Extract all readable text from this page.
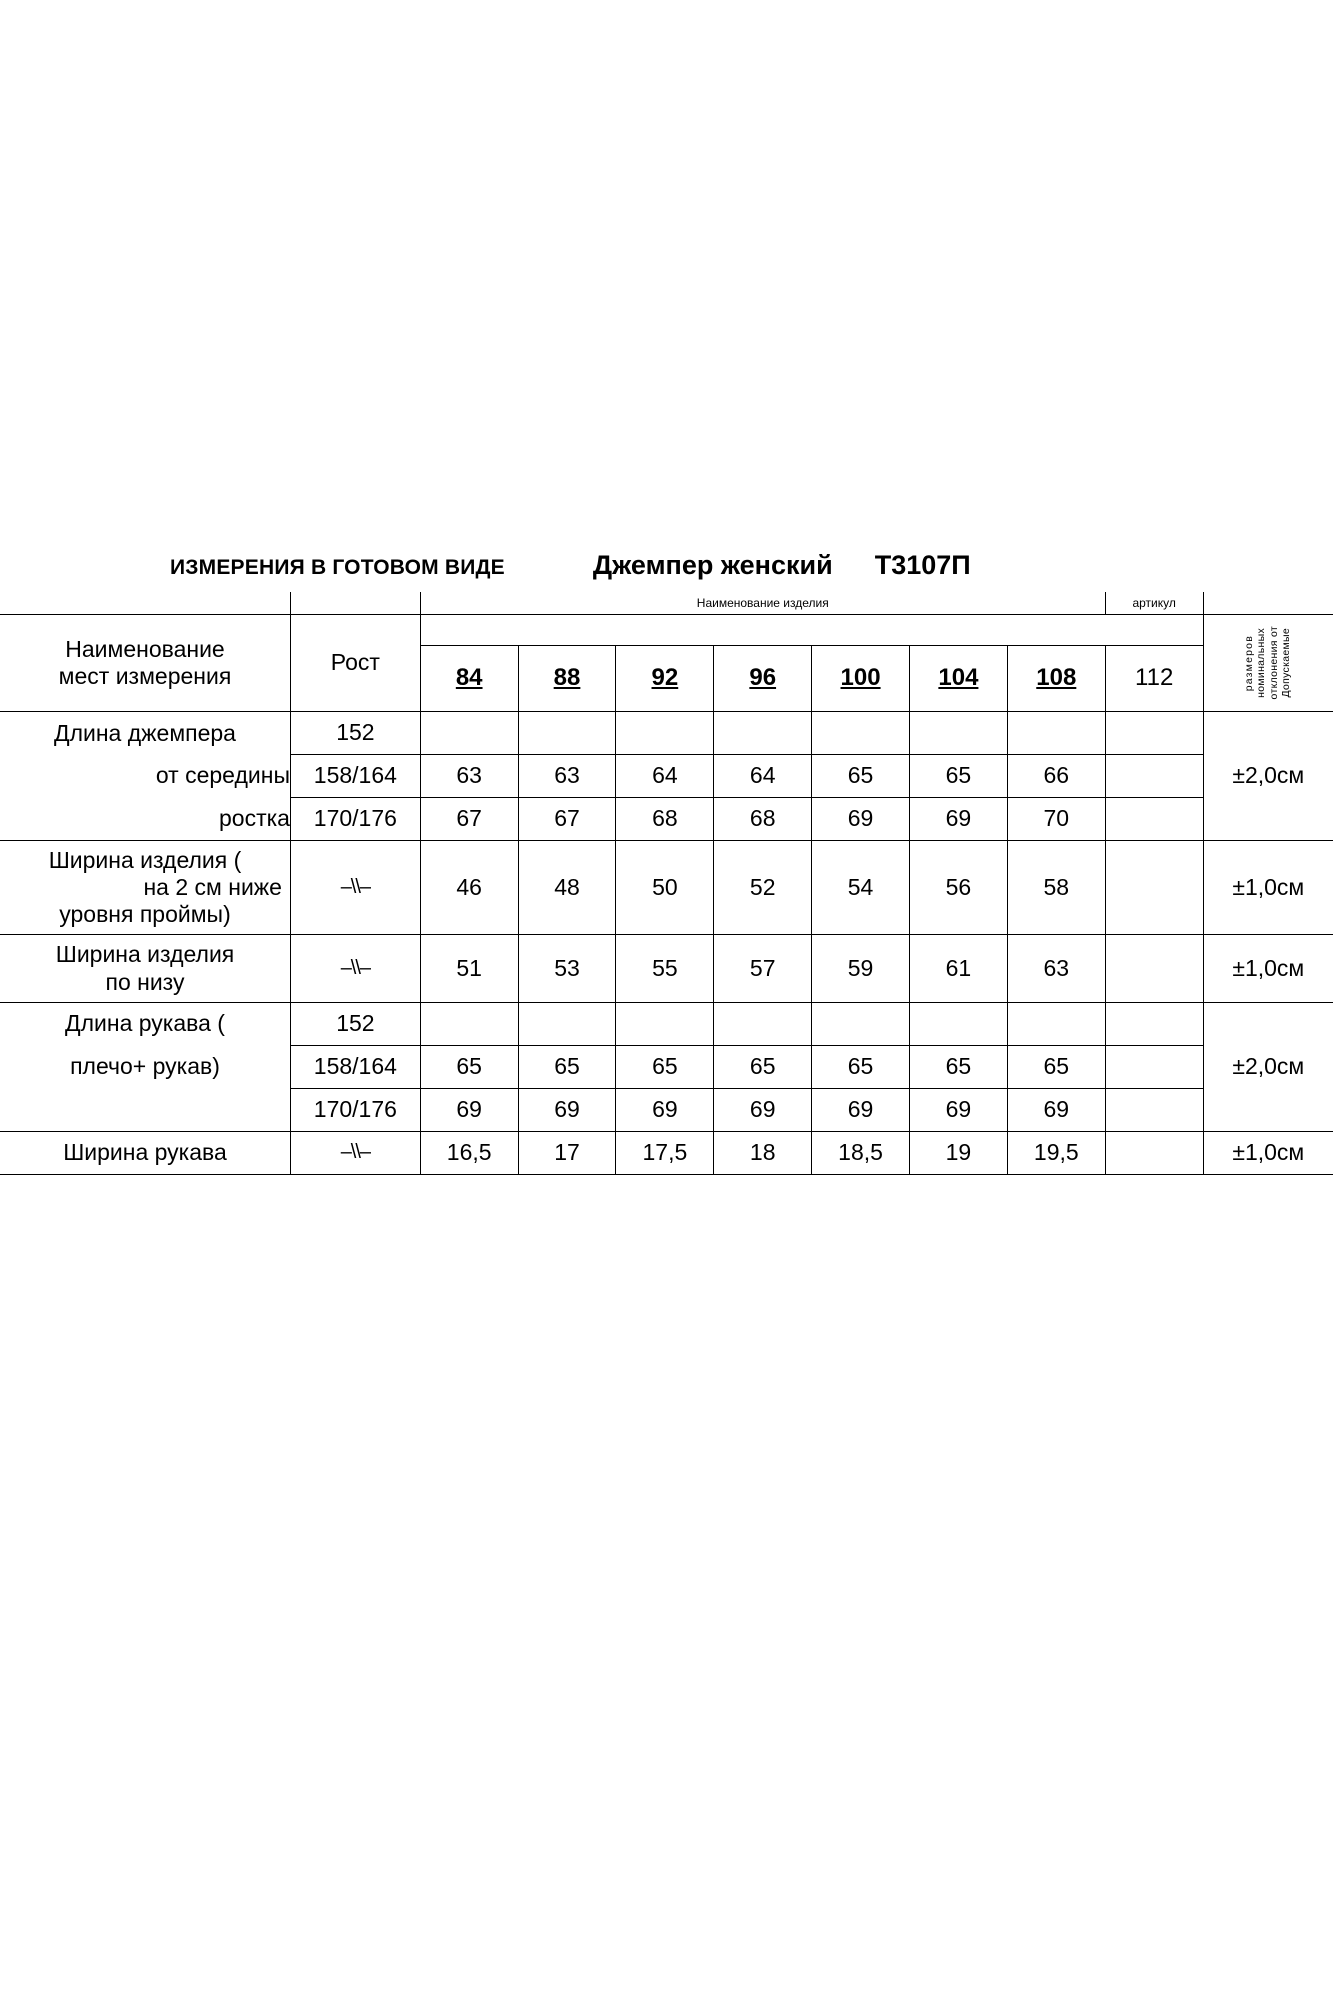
ИЗМЕРЕНИЯ В ГОТОВОМ ВИДЕ	Джемпер женский Т3107П
		Наименование изделия							артикул	

Наименование
мест измерения
	Рост		размеров номинальных отклонения от Допускаемые

		84	88	92	96	100	104	108	112	
Длина джемпера	152									±2,0см
от середины	158/164	63	63	64	64	65	65	66		
ростка	170/176	67	67	68	68	69	69	70		

Ширина изделия (
на 2 см ниже
уровня проймы)	–\\–	46	48	50	52	54	56	58		±1,0см

Ширина изделия
по низу	–\\–	51	53	55	57	59	61	63		±1,0см
Длина рукава (	152									±2,0см
плечо+ рукав)	158/164	65	65	65	65	65	65	65		
	170/176	69	69	69	69	69	69	69		
Ширина рукава	–\\–	16,5	17	17,5	18	18,5	19	19,5		±1,0см
